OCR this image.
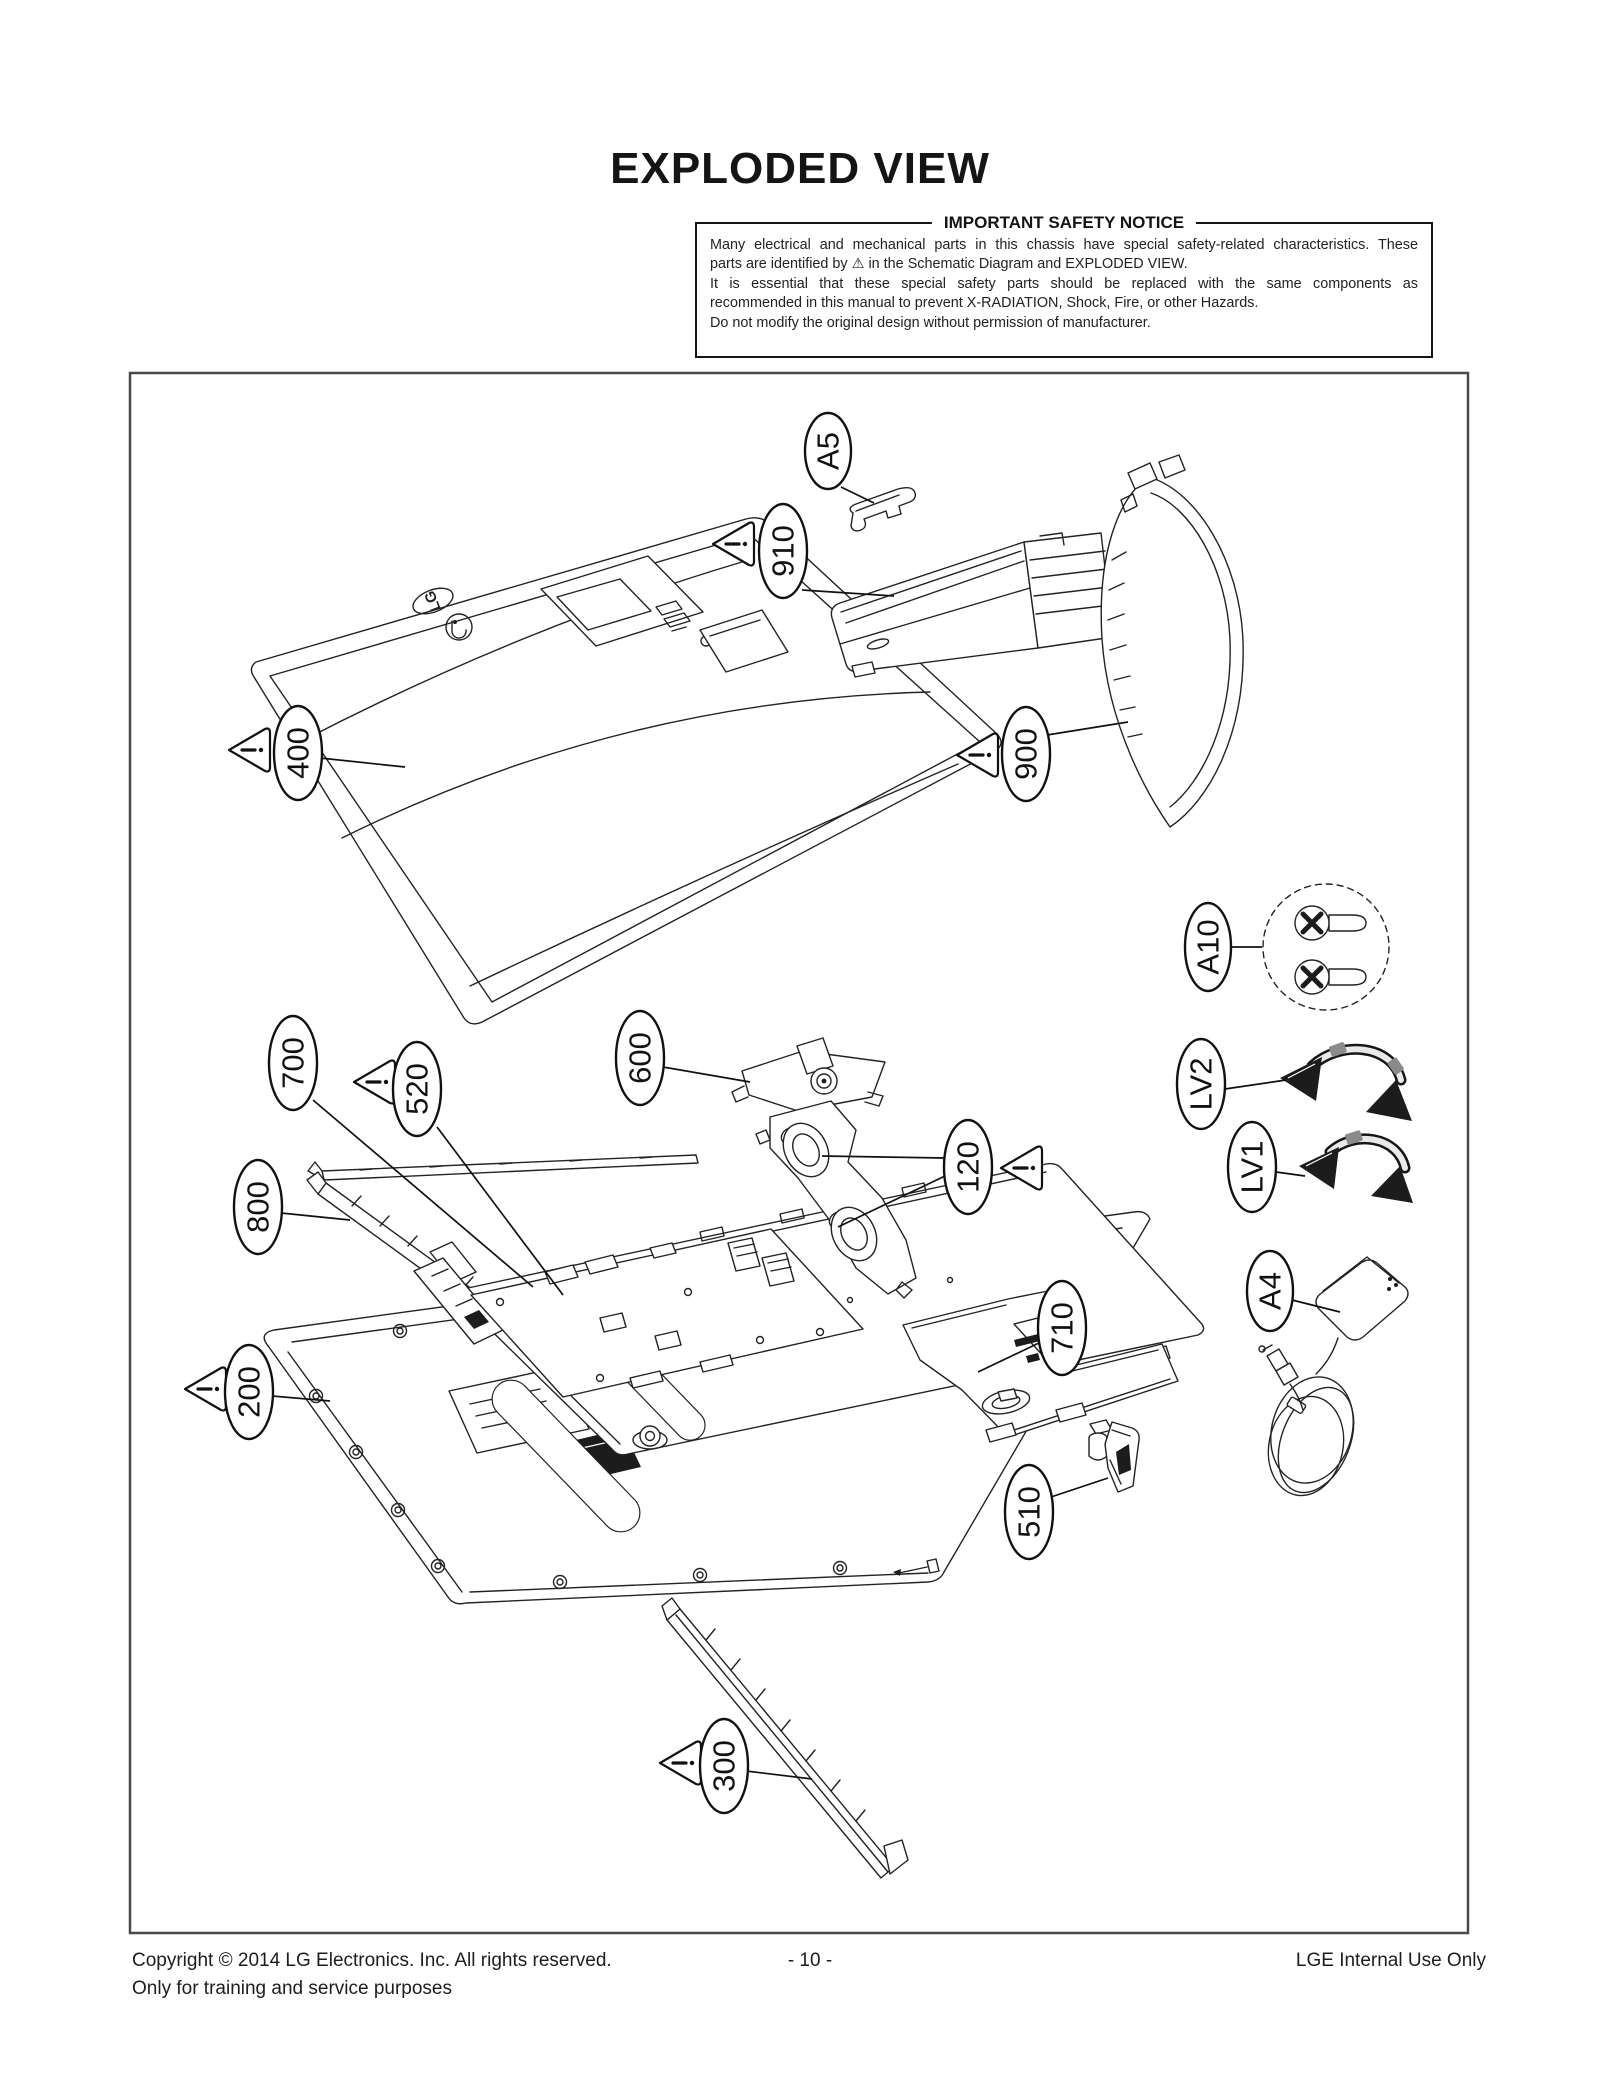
EXPLODED VIEW
IMPORTANT SAFETY NOTICE
Many electrical and mechanical parts in this chassis have special safety-related characteristics. These
parts are identified by ⚠ in the Schematic Diagram and EXPLODED VIEW.
It is essential that these special safety parts should be replaced with the same components as
recommended in this manual to prevent X-RADIATION, Shock, Fire, or other Hazards.
Do not modify the original design without permission of manufacturer.
LG
A5
910
400	900
A10
600
700
520
800
120
LV2
LV1
A4
200
710
510
300
Copyright © 2014 LG Electronics. Inc. All rights reserved.
Only for training and service purposes
- 10 -	LGE Internal Use Only
